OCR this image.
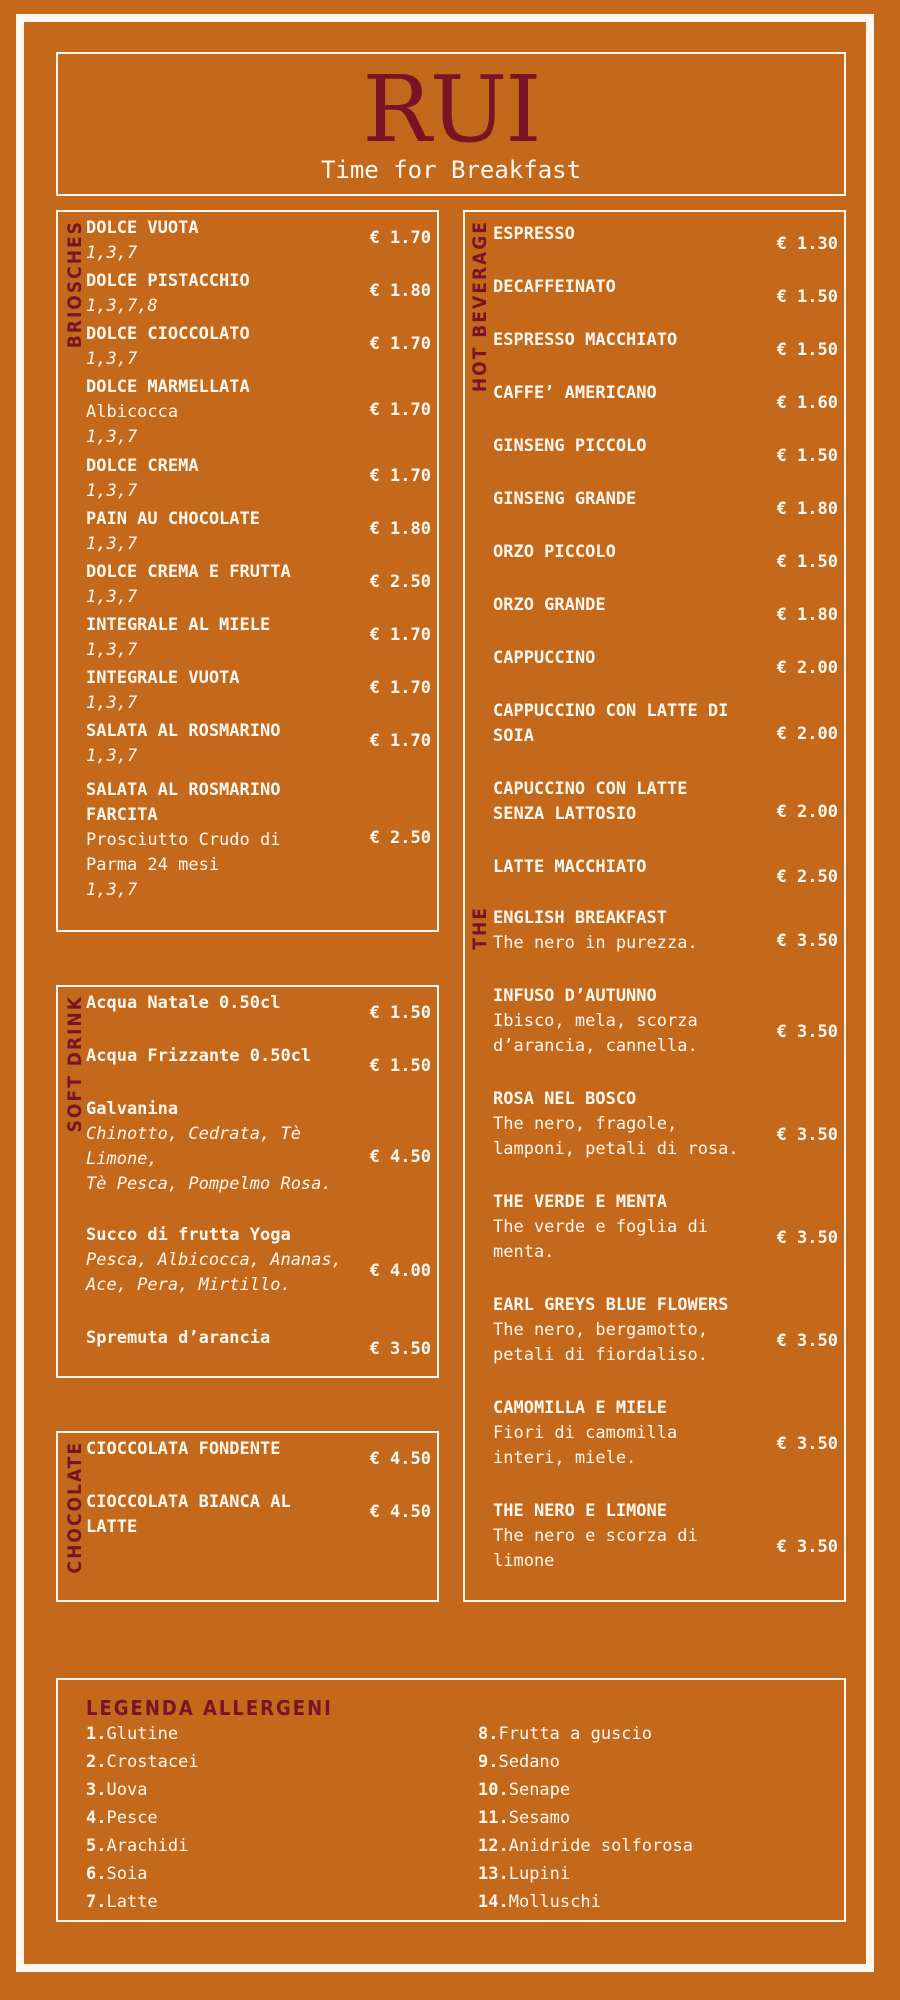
RUI
Time for Breakfast
BRIOSCHES DOLCE VUOTA
1,3,7
€ 1.70
DOLCE PISTACCHIO
1,3,7,8
€ 1.80
DOLCE CIOCCOLATO
1,3,7
€ 1.70
DOLCE MARMELLATA
Albicocca
1,3,7
€ 1.70
DOLCE CREMA
1,3,7
€ 1.70
PAIN AU CHOCOLATE
1,3,7
€ 1.80
DOLCE CREMA E FRUTTA
1,3,7
€ 2.50
INTEGRALE AL MIELE
1,3,7
€ 1.70
INTEGRALE VUOTA
1,3,7
€ 1.70
SALATA AL ROSMARINO
1,3,7
€ 1.70
SALATA AL ROSMARINO FARCITA
Prosciutto Crudo di Parma 24 mesi
1,3,7
€ 2.50
SOFT DRINK Acqua Natale 0.50cl	€ 1.50
Acqua Frizzante 0.50cl	€ 1.50
Galvanina
Chinotto, Cedrata, Tè Limone,
Tè Pesca, Pompelmo Rosa.
€ 4.50
Succo di frutta Yoga
Pesca, Albicocca, Ananas, Ace, Pera, Mirtillo.
€ 4.00
Spremuta d’arancia
€ 3.50
CHOCOLATE CIOCCOLATA FONDENTE	€ 4.50
CIOCCOLATA BIANCA AL LATTE
€ 4.50
HOT BEVERAGE ESPRESSO	€ 1.30
DECAFFEINATO	€ 1.50
ESPRESSO MACCHIATO	€ 1.50
CAFFE’ AMERICANO	€ 1.60
GINSENG PICCOLO	€ 1.50
GINSENG GRANDE	€ 1.80
ORZO PICCOLO	€ 1.50
ORZO GRANDE	€ 1.80
CAPPUCCINO	€ 2.00
CAPPUCCINO CON LATTE DI SOIA	€ 2.00
CAPUCCINO CON LATTE SENZA LATTOSIO	€ 2.00
LATTE MACCHIATO	€ 2.50
THE ENGLISH BREAKFAST
The nero in purezza.	€ 3.50
INFUSO D’AUTUNNO
Ibisco, mela, scorza d’arancia, cannella.
€ 3.50
ROSA NEL BOSCO
The nero, fragole, lamponi, petali di rosa.
€ 3.50
THE VERDE E MENTA
The verde e foglia di menta.
€ 3.50
EARL GREYS BLUE FLOWERS
The nero, bergamotto, petali di fiordaliso.
€ 3.50
CAMOMILLA E MIELE
Fiori di camomilla interi, miele.
€ 3.50
THE NERO E LIMONE
The nero e scorza di limone
€ 3.50
LEGENDA ALLERGENI
1.Glutine
2.Crostacei
3.Uova
4.Pesce
5.Arachidi
6.Soia
7.Latte
8.Frutta a guscio
9.Sedano
10.Senape
11.Sesamo
12.Anidride solforosa
13.Lupini
14.Molluschi
